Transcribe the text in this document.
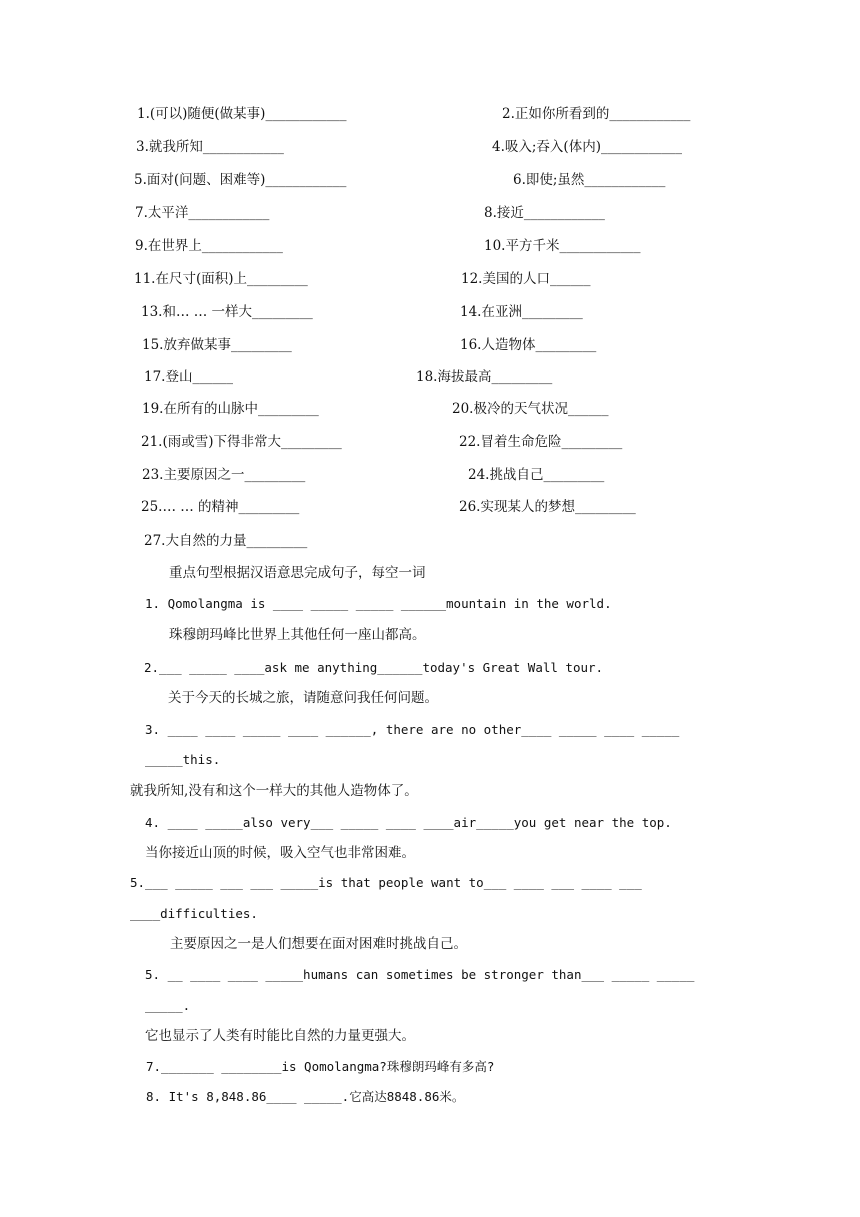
1.(可以)随便(做某事)____________	2.正如你所看到的____________
3.就我所知____________	4.吸入;吞入(体内)____________
5.面对(问题、困难等)____________	6.即使;虽然____________
7.太平洋____________	8.接近____________
9.在世界上____________	10.平方千米____________
11.在尺寸(面积)上_________	12.美国的人口______
13.和… … 一样大_________	14.在亚洲_________
15.放弃做某事_________	16.人造物体_________
17.登山______	18.海拔最高_________
19.在所有的山脉中_________	20.极冷的天气状况______
21.(雨或雪)下得非常大_________	22.冒着生命危险_________
23.主要原因之一_________	24.挑战自己_________
25.… … 的精神_________	26.实现某人的梦想_________
27.大自然的力量_________
重点句型根据汉语意思完成句子，每空一词
1. Qomolangma is ____ _____ _____ ______mountain in the world.
珠穆朗玛峰比世界上其他任何一座山都高。
2.___ _____ ____ask me anything______today's Great Wall tour.
关于今天的长城之旅，请随意问我任何问题。
3. ____ ____ _____ ____ ______, there are no other____ _____ ____ _____
_____this.
就我所知,没有和这个一样大的其他人造物体了。
4. ____ _____also very___ _____ ____ ____air_____you get near the top.
当你接近山顶的时候，吸入空气也非常困难。
5.___ _____ ___ ___ _____is that people want to___ ____ ___ ____ ___
____difficulties.
主要原因之一是人们想要在面对困难时挑战自己。
5. __ ____ ____ _____humans can sometimes be stronger than___ _____ _____
_____.
它也显示了人类有时能比自然的力量更强大。
7._______ ________is Qomolangma?珠穆朗玛峰有多高?
8. It's 8,848.86____ _____.它高达8848.86米。
